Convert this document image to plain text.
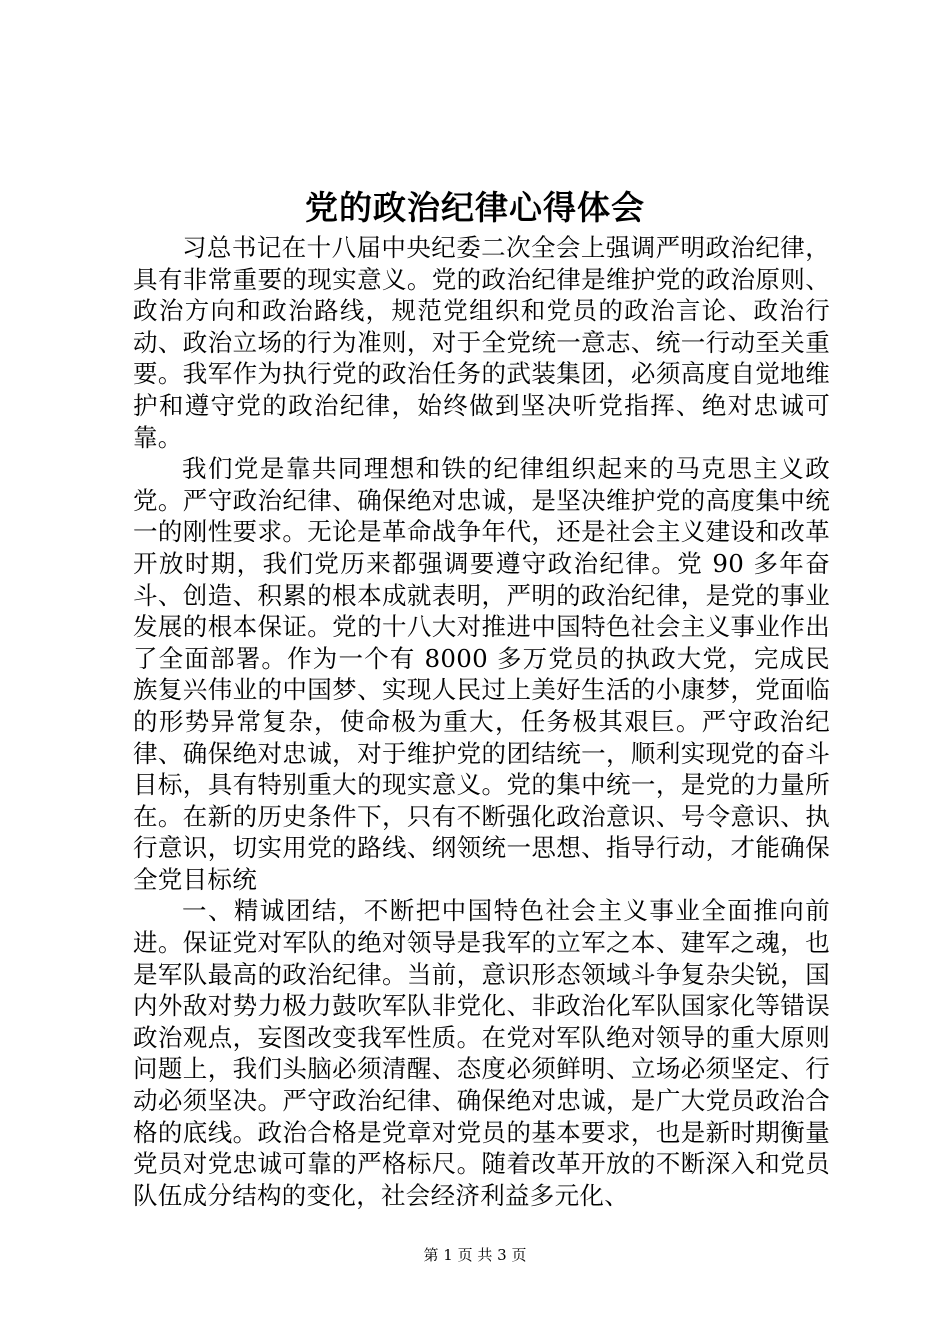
党的政治纪律心得体会

习总书记在十八届中央纪委二次全会上强调严明政治纪律，具有非常重要的现实意义。党的政治纪律是维护党的政治原则、政治方向和政治路线，规范党组织和党员的政治言论、政治行动、政治立场的行为准则，对于全党统一意志、统一行动至关重要。我军作为执行党的政治任务的武装集团，必须高度自觉地维护和遵守党的政治纪律，始终做到坚决听党指挥、绝对忠诚可靠。

我们党是靠共同理想和铁的纪律组织起来的马克思主义政党。严守政治纪律、确保绝对忠诚，是坚决维护党的高度集中统一的刚性要求。无论是革命战争年代，还是社会主义建设和改革开放时期，我们党历来都强调要遵守政治纪律。党 90 多年奋斗、创造、积累的根本成就表明，严明的政治纪律，是党的事业发展的根本保证。党的十八大对推进中国特色社会主义事业作出了全面部署。作为一个有 8000 多万党员的执政大党，完成民族复兴伟业的中国梦、实现人民过上美好生活的小康梦，党面临的形势异常复杂，使命极为重大，任务极其艰巨。严守政治纪律、确保绝对忠诚，对于维护党的团结统一，顺利实现党的奋斗目标，具有特别重大的现实意义。党的集中统一，是党的力量所在。在新的历史条件下，只有不断强化政治意识、号令意识、执行意识，切实用党的路线、纲领统一思想、指导行动，才能确保全党目标统

一、精诚团结，不断把中国特色社会主义事业全面推向前进。保证党对军队的绝对领导是我军的立军之本、建军之魂，也是军队最高的政治纪律。当前，意识形态领域斗争复杂尖锐，国内外敌对势力极力鼓吹军队非党化、非政治化军队国家化等错误政治观点，妄图改变我军性质。在党对军队绝对领导的重大原则问题上，我们头脑必须清醒、态度必须鲜明、立场必须坚定、行动必须坚决。严守政治纪律、确保绝对忠诚，是广大党员政治合格的底线。政治合格是党章对党员的基本要求，也是新时期衡量党员对党忠诚可靠的严格标尺。随着改革开放的不断深入和党员队伍成分结构的变化，社会经济利益多元化、

第 1 页 共 3 页
